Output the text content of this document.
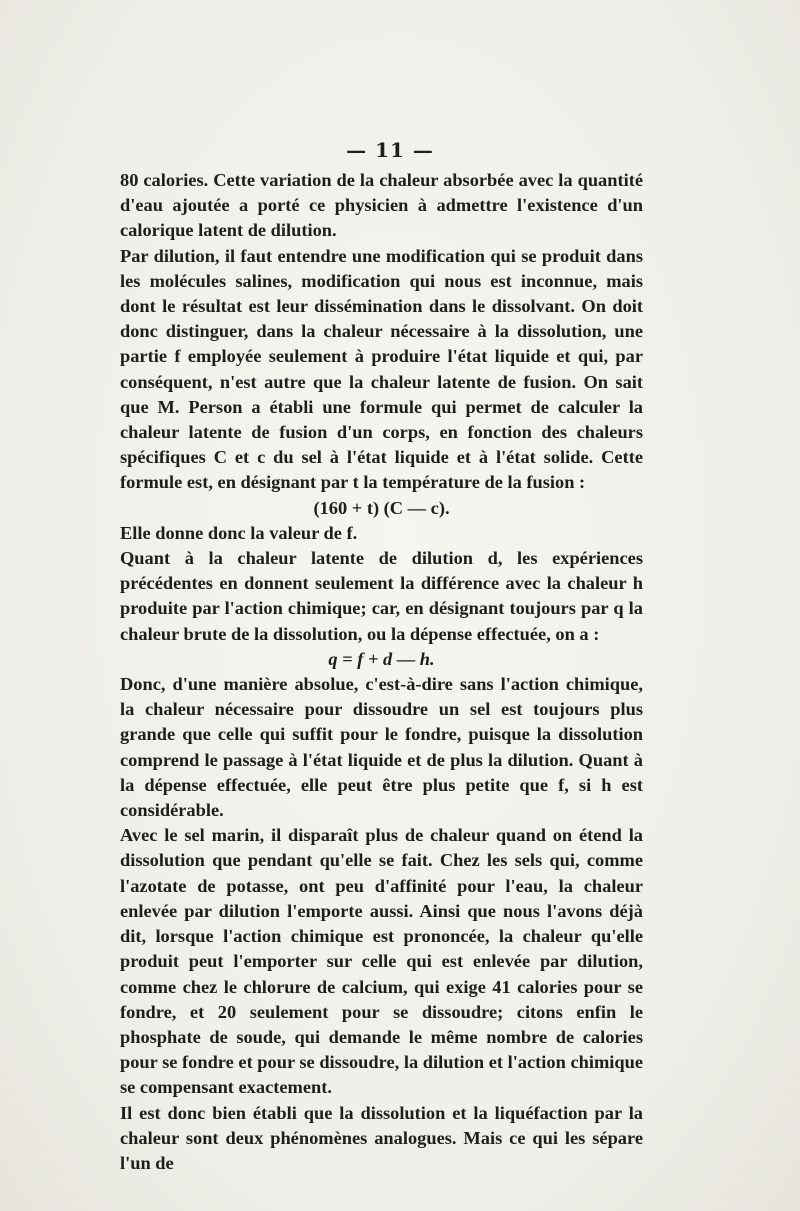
— 11 —

80 calories. Cette variation de la chaleur absorbée avec la quantité d'eau ajoutée a porté ce physicien à admettre l'existence d'un calorique latent de dilution.

Par dilution, il faut entendre une modification qui se produit dans les molécules salines, modification qui nous est inconnue, mais dont le résultat est leur dissémination dans le dissolvant. On doit donc distinguer, dans la chaleur nécessaire à la dissolution, une partie f employée seulement à produire l'état liquide et qui, par conséquent, n'est autre que la chaleur latente de fusion. On sait que M. Person a établi une formule qui permet de calculer la chaleur latente de fusion d'un corps, en fonction des chaleurs spécifiques C et c du sel à l'état liquide et à l'état solide. Cette formule est, en désignant par t la température de la fusion :

(160 + t) (C — c).

Elle donne donc la valeur de f.

Quant à la chaleur latente de dilution d, les expériences précédentes en donnent seulement la différence avec la chaleur h produite par l'action chimique; car, en désignant toujours par q la chaleur brute de la dissolution, ou la dépense effectuée, on a :

q = f + d — h.

Donc, d'une manière absolue, c'est-à-dire sans l'action chimique, la chaleur nécessaire pour dissoudre un sel est toujours plus grande que celle qui suffit pour le fondre, puisque la dissolution comprend le passage à l'état liquide et de plus la dilution. Quant à la dépense effectuée, elle peut être plus petite que f, si h est considérable.

Avec le sel marin, il disparaît plus de chaleur quand on étend la dissolution que pendant qu'elle se fait. Chez les sels qui, comme l'azotate de potasse, ont peu d'affinité pour l'eau, la chaleur enlevée par dilution l'emporte aussi. Ainsi que nous l'avons déjà dit, lorsque l'action chimique est prononcée, la chaleur qu'elle produit peut l'emporter sur celle qui est enlevée par dilution, comme chez le chlorure de calcium, qui exige 41 calories pour se fondre, et 20 seulement pour se dissoudre; citons enfin le phosphate de soude, qui demande le même nombre de calories pour se fondre et pour se dissoudre, la dilution et l'action chimique se compensant exactement.

Il est donc bien établi que la dissolution et la liquéfaction par la chaleur sont deux phénomènes analogues. Mais ce qui les sépare l'un de
